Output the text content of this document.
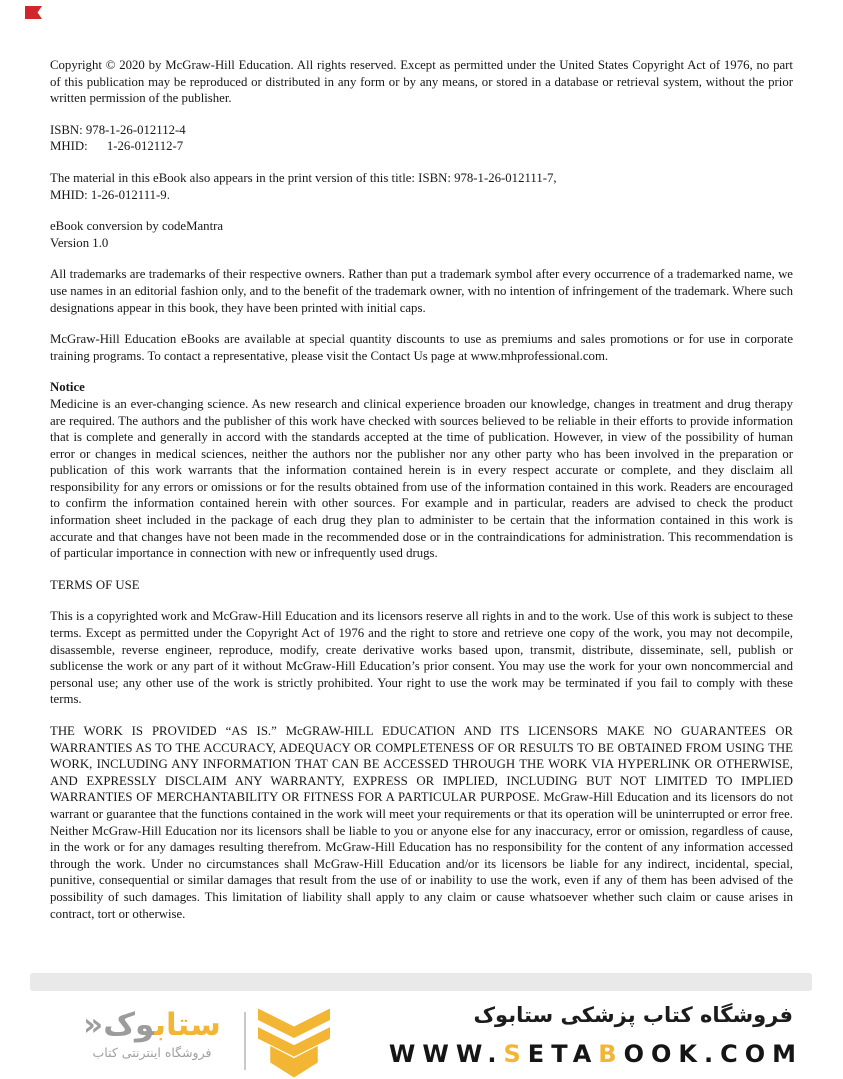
Copyright © 2020 by McGraw-Hill Education. All rights reserved. Except as permitted under the United States Copyright Act of 1976, no part of this publication may be reproduced or distributed in any form or by any means, or stored in a database or retrieval system, without the prior written permission of the publisher.

ISBN: 978-1-26-012112-4
MHID:      1-26-012112-7
The material in this eBook also appears in the print version of this title: ISBN: 978-1-26-012111-7,
MHID: 1-26-012111-9.
eBook conversion by codeMantra
Version 1.0

All trademarks are trademarks of their respective owners. Rather than put a trademark symbol after every occurrence of a trademarked name, we use names in an editorial fashion only, and to the benefit of the trademark owner, with no intention of infringement of the trademark. Where such designations appear in this book, they have been printed with initial caps.

McGraw-Hill Education eBooks are available at special quantity discounts to use as premiums and sales promotions or for use in corporate training programs. To contact a representative, please visit the Contact Us page at www.mhprofessional.com.

Notice

Medicine is an ever-changing science. As new research and clinical experience broaden our knowledge, changes in treatment and drug therapy are required. The authors and the publisher of this work have checked with sources believed to be reliable in their efforts to provide information that is complete and generally in accord with the standards accepted at the time of publication. However, in view of the possibility of human error or changes in medical sciences, neither the authors nor the publisher nor any other party who has been involved in the preparation or publication of this work warrants that the information contained herein is in every respect accurate or complete, and they disclaim all responsibility for any errors or omissions or for the results obtained from use of the information contained in this work. Readers are encouraged to confirm the information contained herein with other sources. For example and in particular, readers are advised to check the product information sheet included in the package of each drug they plan to administer to be certain that the information contained in this work is accurate and that changes have not been made in the recommended dose or in the contraindications for administration. This recommendation is of particular importance in connection with new or infrequently used drugs.

TERMS OF USE

This is a copyrighted work and McGraw-Hill Education and its licensors reserve all rights in and to the work. Use of this work is subject to these terms. Except as permitted under the Copyright Act of 1976 and the right to store and retrieve one copy of the work, you may not decompile, disassemble, reverse engineer, reproduce, modify, create derivative works based upon, transmit, distribute, disseminate, sell, publish or sublicense the work or any part of it without McGraw-Hill Education’s prior consent. You may use the work for your own noncommercial and personal use; any other use of the work is strictly prohibited. Your right to use the work may be terminated if you fail to comply with these terms.

THE WORK IS PROVIDED “AS IS.” McGRAW-HILL EDUCATION AND ITS LICENSORS MAKE NO GUARANTEES OR WARRANTIES AS TO THE ACCURACY, ADEQUACY OR COMPLETENESS OF OR RESULTS TO BE OBTAINED FROM USING THE WORK, INCLUDING ANY INFORMATION THAT CAN BE ACCESSED THROUGH THE WORK VIA HYPERLINK OR OTHERWISE, AND EXPRESSLY DISCLAIM ANY WARRANTY, EXPRESS OR IMPLIED, INCLUDING BUT NOT LIMITED TO IMPLIED WARRANTIES OF MERCHANTABILITY OR FITNESS FOR A PARTICULAR PURPOSE. McGraw-Hill Education and its licensors do not warrant or guarantee that the functions contained in the work will meet your requirements or that its operation will be uninterrupted or error free. Neither McGraw-Hill Education nor its licensors shall be liable to you or anyone else for any inaccuracy, error or omission, regardless of cause, in the work or for any damages resulting therefrom. McGraw-Hill Education has no responsibility for the content of any information accessed through the work. Under no circumstances shall McGraw-Hill Education and/or its licensors be liable for any indirect, incidental, special, punitive, consequential or similar damages that result from the use of or inability to use the work, even if any of them has been advised of the possibility of such damages. This limitation of liability shall apply to any claim or cause whatsoever whether such claim or cause arises in contract, tort or otherwise.

ستابوک«
فروشگاه اینترنتی کتاب
فروشگاه کتاب پزشکی ستابوک
WWW.SETABOOK.COM
